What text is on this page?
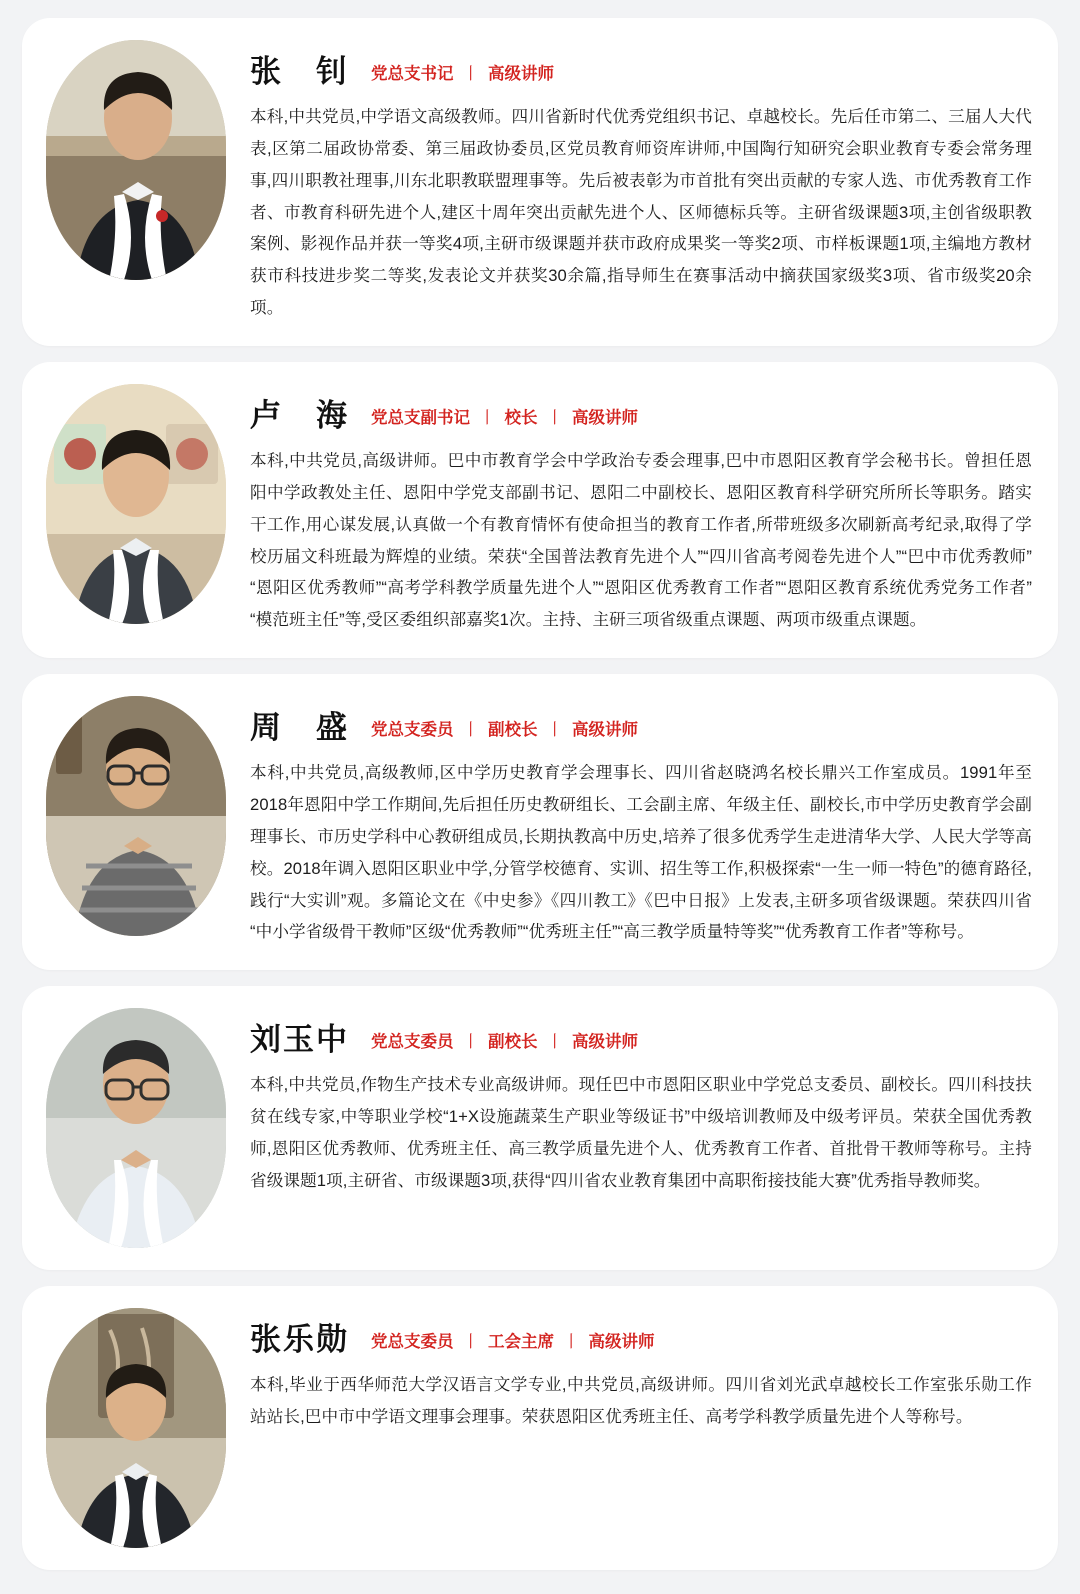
张　钊 党总支书记 丨 高级讲师
本科,中共党员,中学语文高级教师。四川省新时代优秀党组织书记、卓越校长。先后任市第二、三届人大代表,区第二届政协常委、第三届政协委员,区党员教育师资库讲师,中国陶行知研究会职业教育专委会常务理事,四川职教社理事,川东北职教联盟理事等。先后被表彰为市首批有突出贡献的专家人选、市优秀教育工作者、市教育科研先进个人,建区十周年突出贡献先进个人、区师德标兵等。主研省级课题3项,主创省级职教案例、影视作品并获一等奖4项,主研市级课题并获市政府成果奖一等奖2项、市样板课题1项,主编地方教材获市科技进步奖二等奖,发表论文并获奖30余篇,指导师生在赛事活动中摘获国家级奖3项、省市级奖20余项。
卢　海 党总支副书记 丨 校长 丨 高级讲师
本科,中共党员,高级讲师。巴中市教育学会中学政治专委会理事,巴中市恩阳区教育学会秘书长。曾担任恩阳中学政教处主任、恩阳中学党支部副书记、恩阳二中副校长、恩阳区教育科学研究所所长等职务。踏实干工作,用心谋发展,认真做一个有教育情怀有使命担当的教育工作者,所带班级多次刷新高考纪录,取得了学校历届文科班最为辉煌的业绩。荣获“全国普法教育先进个人”“四川省高考阅卷先进个人”“巴中市优秀教师”“恩阳区优秀教师”“高考学科教学质量先进个人”“恩阳区优秀教育工作者”“恩阳区教育系统优秀党务工作者”“模范班主任”等,受区委组织部嘉奖1次。主持、主研三项省级重点课题、两项市级重点课题。
周　盛 党总支委员 丨 副校长 丨 高级讲师
本科,中共党员,高级教师,区中学历史教育学会理事长、四川省赵晓鸿名校长鼎兴工作室成员。1991年至2018年恩阳中学工作期间,先后担任历史教研组长、工会副主席、年级主任、副校长,市中学历史教育学会副理事长、市历史学科中心教研组成员,长期执教高中历史,培养了很多优秀学生走进清华大学、人民大学等高校。2018年调入恩阳区职业中学,分管学校德育、实训、招生等工作,积极探索“一生一师一特色”的德育路径,践行“大实训”观。多篇论文在《中史参》《四川教工》《巴中日报》上发表,主研多项省级课题。荣获四川省“中小学省级骨干教师”区级“优秀教师”“优秀班主任”“高三教学质量特等奖”“优秀教育工作者”等称号。
刘玉中 党总支委员 丨 副校长 丨 高级讲师
本科,中共党员,作物生产技术专业高级讲师。现任巴中市恩阳区职业中学党总支委员、副校长。四川科技扶贫在线专家,中等职业学校“1+X设施蔬菜生产职业等级证书”中级培训教师及中级考评员。荣获全国优秀教师,恩阳区优秀教师、优秀班主任、高三教学质量先进个人、优秀教育工作者、首批骨干教师等称号。主持省级课题1项,主研省、市级课题3项,获得“四川省农业教育集团中高职衔接技能大赛”优秀指导教师奖。
张乐勋 党总支委员 丨 工会主席 丨 高级讲师
本科,毕业于西华师范大学汉语言文学专业,中共党员,高级讲师。四川省刘光武卓越校长工作室张乐勋工作站站长,巴中市中学语文理事会理事。荣获恩阳区优秀班主任、高考学科教学质量先进个人等称号。
